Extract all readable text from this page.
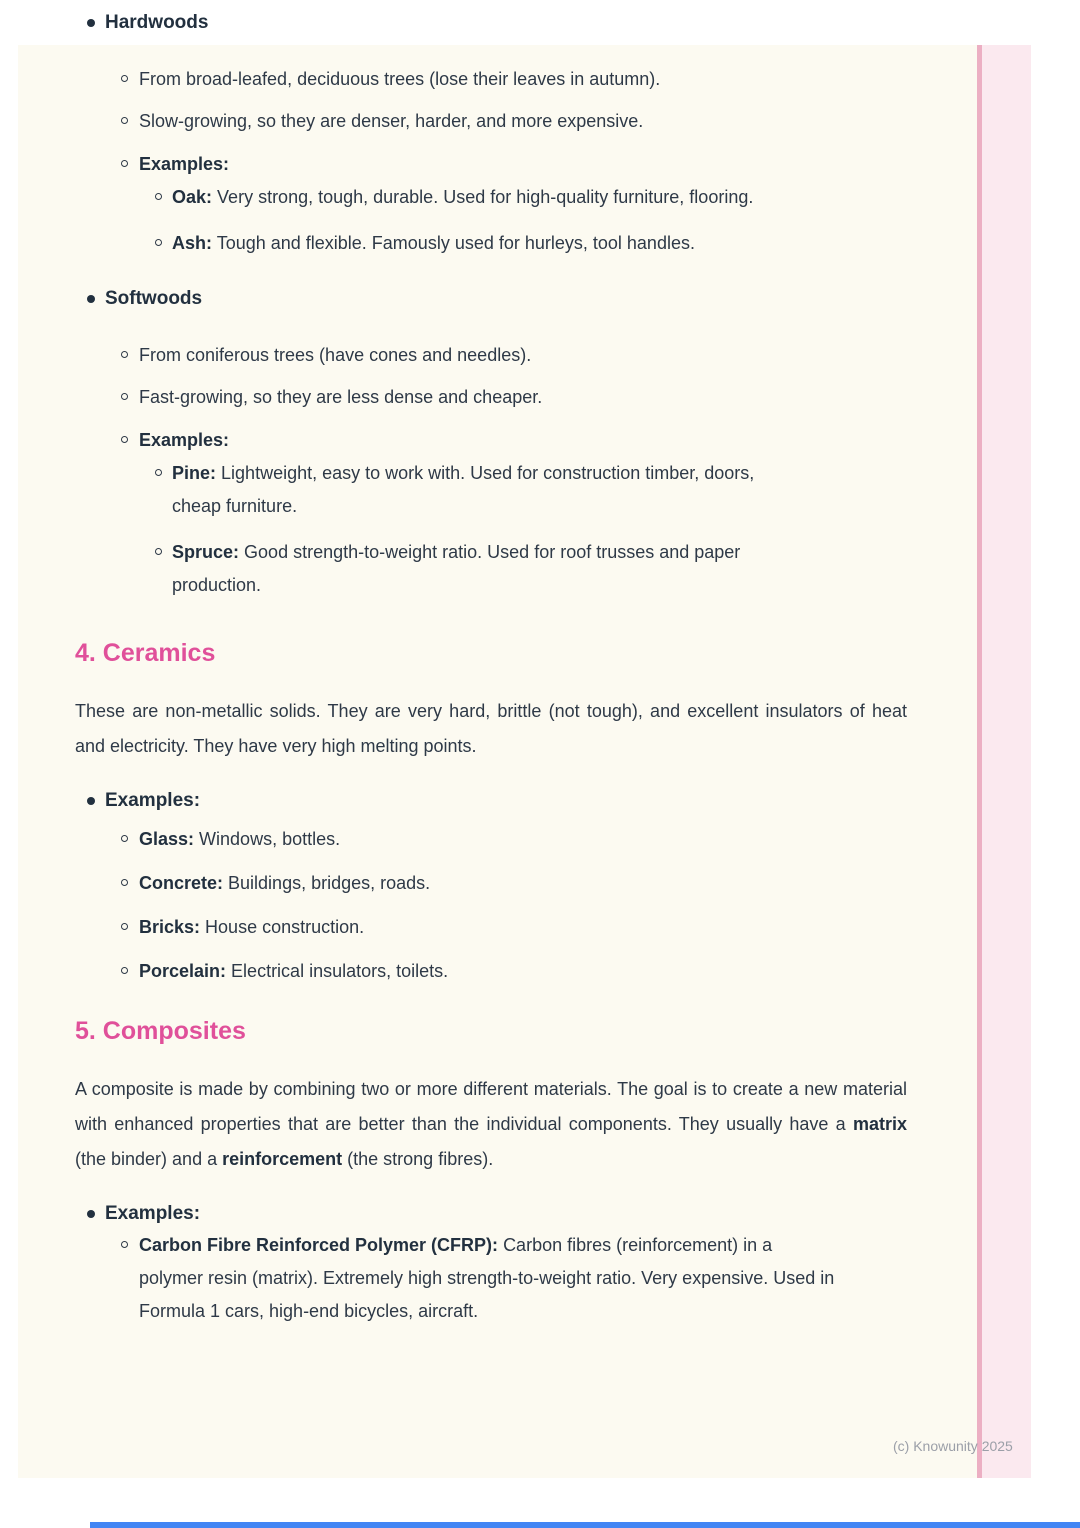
Hardwoods
From broad-leafed, deciduous trees (lose their leaves in autumn).
Slow-growing, so they are denser, harder, and more expensive.
Examples:
Oak: Very strong, tough, durable. Used for high-quality furniture, flooring.
Ash: Tough and flexible. Famously used for hurleys, tool handles.
Softwoods
From coniferous trees (have cones and needles).
Fast-growing, so they are less dense and cheaper.
Examples:
Pine: Lightweight, easy to work with. Used for construction timber, doors, cheap furniture.
Spruce: Good strength-to-weight ratio. Used for roof trusses and paper production.
4. Ceramics

These are non-metallic solids. They are very hard, brittle (not tough), and excellent insulators of heat and electricity. They have very high melting points.

Examples:
Glass: Windows, bottles.
Concrete: Buildings, bridges, roads.
Bricks: House construction.
Porcelain: Electrical insulators, toilets.
5. Composites

A composite is made by combining two or more different materials. The goal is to create a new material with enhanced properties that are better than the individual components. They usually have a matrix (the binder) and a reinforcement (the strong fibres).

Examples:
Carbon Fibre Reinforced Polymer (CFRP): Carbon fibres (reinforcement) in a polymer resin (matrix). Extremely high strength-to-weight ratio. Very expensive. Used in Formula 1 cars, high-end bicycles, aircraft.
(c) Knowunity 2025
